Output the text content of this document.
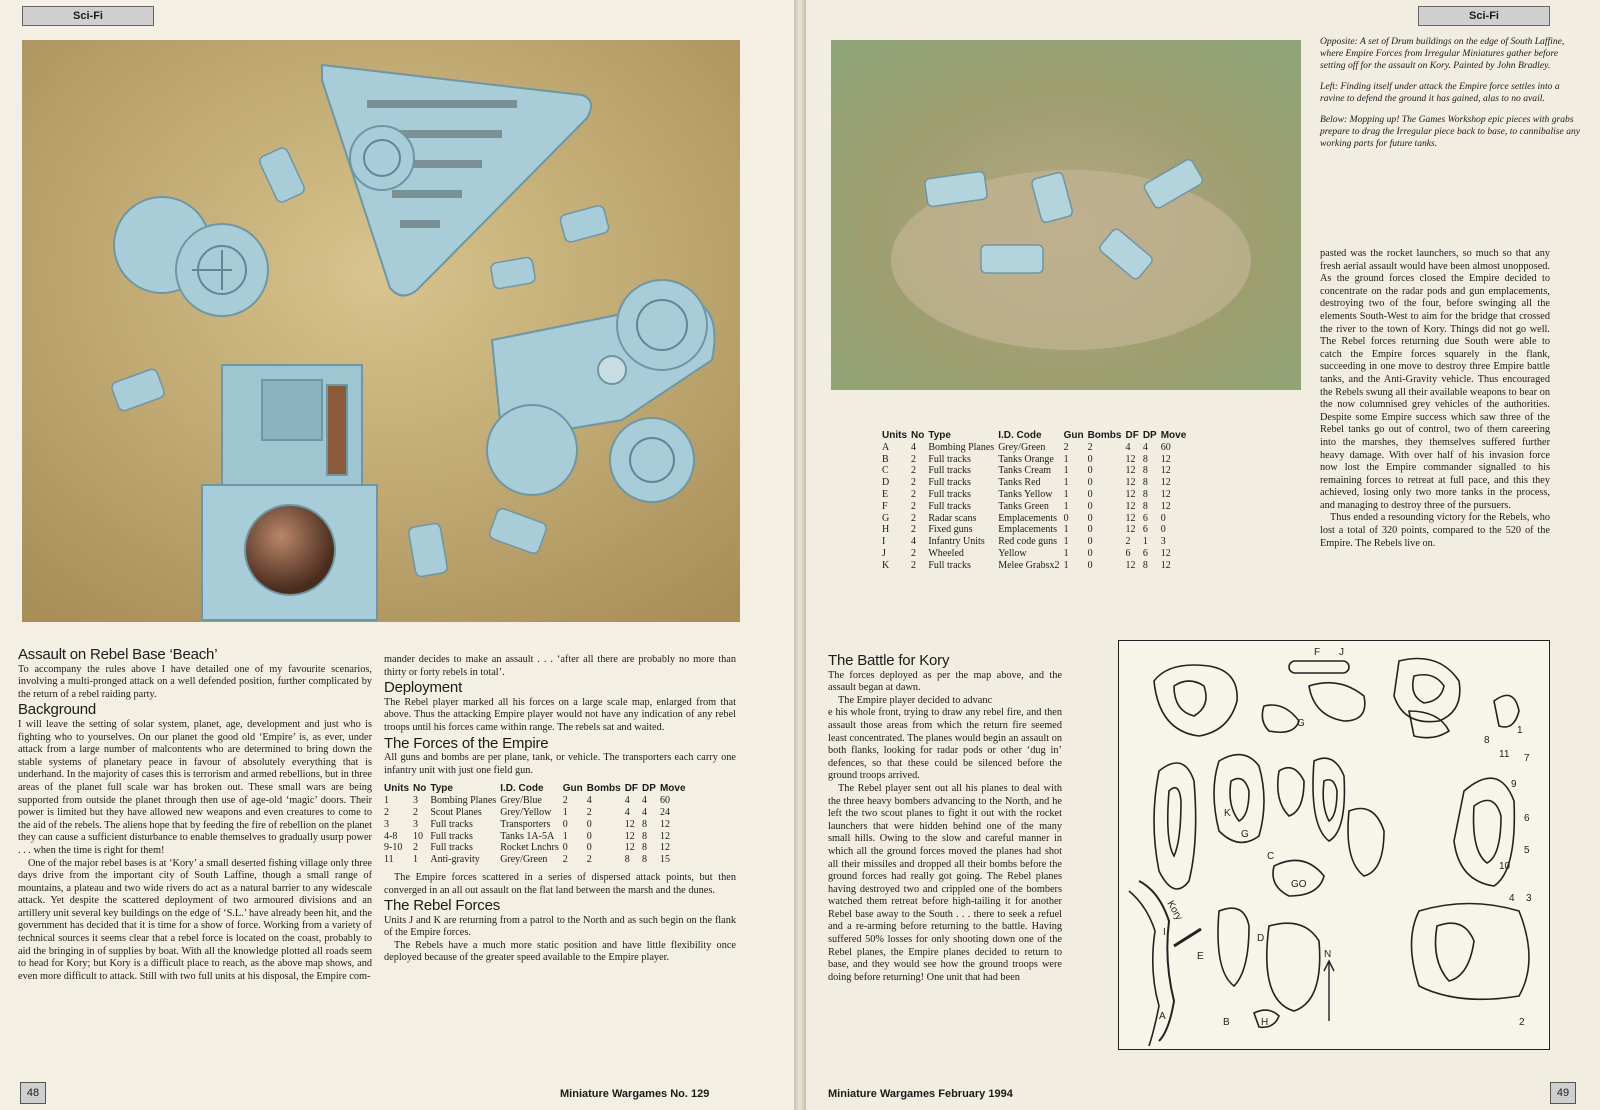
Sci-Fi
Assault on Rebel Base ‘Beach’

To accompany the rules above I have detailed one of my favourite scenarios, involving a multi-pronged attack on a well defended position, further complicated by the return of a rebel raiding party.

Background

I will leave the setting of solar system, planet, age, development and just who is fighting who to yourselves. On our planet the good old ‘Empire’ is, as ever, under attack from a large number of malcontents who are determined to bring down the stable systems of planetary peace in favour of absolutely everything that is underhand. In the majority of cases this is terrorism and armed rebellions, but in three areas of the planet full scale war has broken out. These small wars are being supported from outside the planet through then use of age-old ‘magic’ doors. Their power is limited but they have allowed new weapons and even creatures to come to the aid of the rebels. The aliens hope that by feeding the fire of rebellion on the planet they can cause a sufficient disturbance to enable themselves to gradually usurp power . . . when the time is right for them!

One of the major rebel bases is at ‘Kory’ a small deserted fishing village only three days drive from the important city of South Laffine, though a small range of mountains, a plateau and two wide rivers do act as a natural barrier to any widescale attack. Yet despite the scattered deployment of two armoured divisions and an artillery unit several key buildings on the edge of ‘S.L.’ have already been hit, and the government has decided that it is time for a show of force. Working from a variety of technical sources it seems clear that a rebel force is located on the coast, probably to aid the bringing in of supplies by boat. With all the knowledge plotted all roads seem to head for Kory; but Kory is a difficult place to reach, as the above map shows, and even more difficult to attack. Still with two full units at his disposal, the Empire com-

mander decides to make an assault . . . ‘after all there are probably no more than thirty or forty rebels in total’.

Deployment

The Rebel player marked all his forces on a large scale map, enlarged from that above. Thus the attacking Empire player would not have any indication of any rebel troops until his forces came within range. The rebels sat and waited.

The Forces of the Empire

All guns and bombs are per plane, tank, or vehicle. The transporters each carry one infantry unit with just one field gun.

Units	No	Type	I.D. Code	Gun	Bombs	DF	DP	Move
1	3	Bombing Planes	Grey/Blue	2	4	4	4	60
2	2	Scout Planes	Grey/Yellow	1	2	4	4	24
3	3	Full tracks	Transporters	0	0	12	8	12
4-8	10	Full tracks	Tanks 1A-5A	1	0	12	8	12
9-10	2	Full tracks	Rocket Lnchrs	0	0	12	8	12
11	1	Anti-gravity	Grey/Green	2	2	8	8	15

The Empire forces scattered in a series of dispersed attack points, but then converged in an all out assault on the flat land between the marsh and the dunes.

The Rebel Forces

Units J and K are returning from a patrol to the North and as such begin on the flank of the Empire forces.

The Rebels have a much more static position and have little flexibility once deployed because of the greater speed available to the Empire player.

48	Miniature Wargames No. 129
Sci-Fi

Opposite: A set of Drum buildings on the edge of South Laffine, where Empire Forces from Irregular Miniatures gather before setting off for the assault on Kory. Painted by John Bradley.

Left: Finding itself under attack the Empire force settles into a ravine to defend the ground it has gained, alas to no avail.

Below: Mopping up! The Games Workshop epic pieces with grabs prepare to drag the Irregular piece back to base, to cannibalise any working parts for future tanks.

pasted was the rocket launchers, so much so that any fresh aerial assault would have been almost unopposed. As the ground forces closed the Empire decided to concentrate on the radar pods and gun emplacements, destroying two of the four, before swinging all the elements South-West to aim for the bridge that crossed the river to the town of Kory. Things did not go well. The Rebel forces returning due South were able to catch the Empire forces squarely in the flank, succeeding in one move to destroy three Empire battle tanks, and the Anti-Gravity vehicle. Thus encouraged the Rebels swung all their available weapons to bear on the now columnised grey vehicles of the authorities. Despite some Empire success which saw three of the Rebel tanks go out of control, two of them careering into the marshes, they themselves suffered further heavy damage. With over half of his invasion force now lost the Empire commander signalled to his remaining forces to retreat at full pace, and this they achieved, losing only two more tanks in the process, and managing to destroy three of the pursuers.

Thus ended a resounding victory for the Rebels, who lost a total of 320 points, compared to the 520 of the Empire. The Rebels live on.

Units	No	Type	I.D. Code	Gun	Bombs	DF	DP	Move
A	4	Bombing Planes	Grey/Green	2	2	4	4	60
B	2	Full tracks	Tanks Orange	1	0	12	8	12
C	2	Full tracks	Tanks Cream	1	0	12	8	12
D	2	Full tracks	Tanks Red	1	0	12	8	12
E	2	Full tracks	Tanks Yellow	1	0	12	8	12
F	2	Full tracks	Tanks Green	1	0	12	8	12
G	2	Radar scans	Emplacements	0	0	12	6	0
H	2	Fixed guns	Emplacements	1	0	12	6	0
I	4	Infantry Units	Red code guns	1	0	2	1	3
J	2	Wheeled	Yellow	1	0	6	6	12
K	2	Full tracks	Melee Grabsx2	1	0	12	8	12
The Battle for Kory

The forces deployed as per the map above, and the assault began at dawn.

The Empire player decided to advanc

e his whole front, trying to draw any rebel fire, and then assault those areas from which the return fire seemed least concentrated. The planes would begin an assault on both flanks, looking for radar pods or other ‘dug in’ defences, so that these could be silenced before the ground troops arrived.

The Rebel player sent out all his planes to deal with the three heavy bombers advancing to the North, and he left the two scout planes to fight it out with the rocket launchers that were hidden behind one of the many small hills. Owing to the slow and careful manner in which all the ground forces moved the planes had shot all their missiles and dropped all their bombs before the ground forces had really got going. The Rebel planes having destroyed two and crippled one of the bombers watched them retreat before high-tailing it for another Rebel base away to the South . . . there to seek a refuel and a re-arming before returning to the battle. Having suffered 50% losses for only shooting down one of the Rebel planes, the Empire planes decided to return to base, and they would see how the ground troops were doing before returning! One unit that had been

F J
G
8
1
11 7
9
K
G
6
C
5
10
GO
4 3
Kory
I
D
E	N
A
B	H	2
Miniature Wargames February 1994	49
